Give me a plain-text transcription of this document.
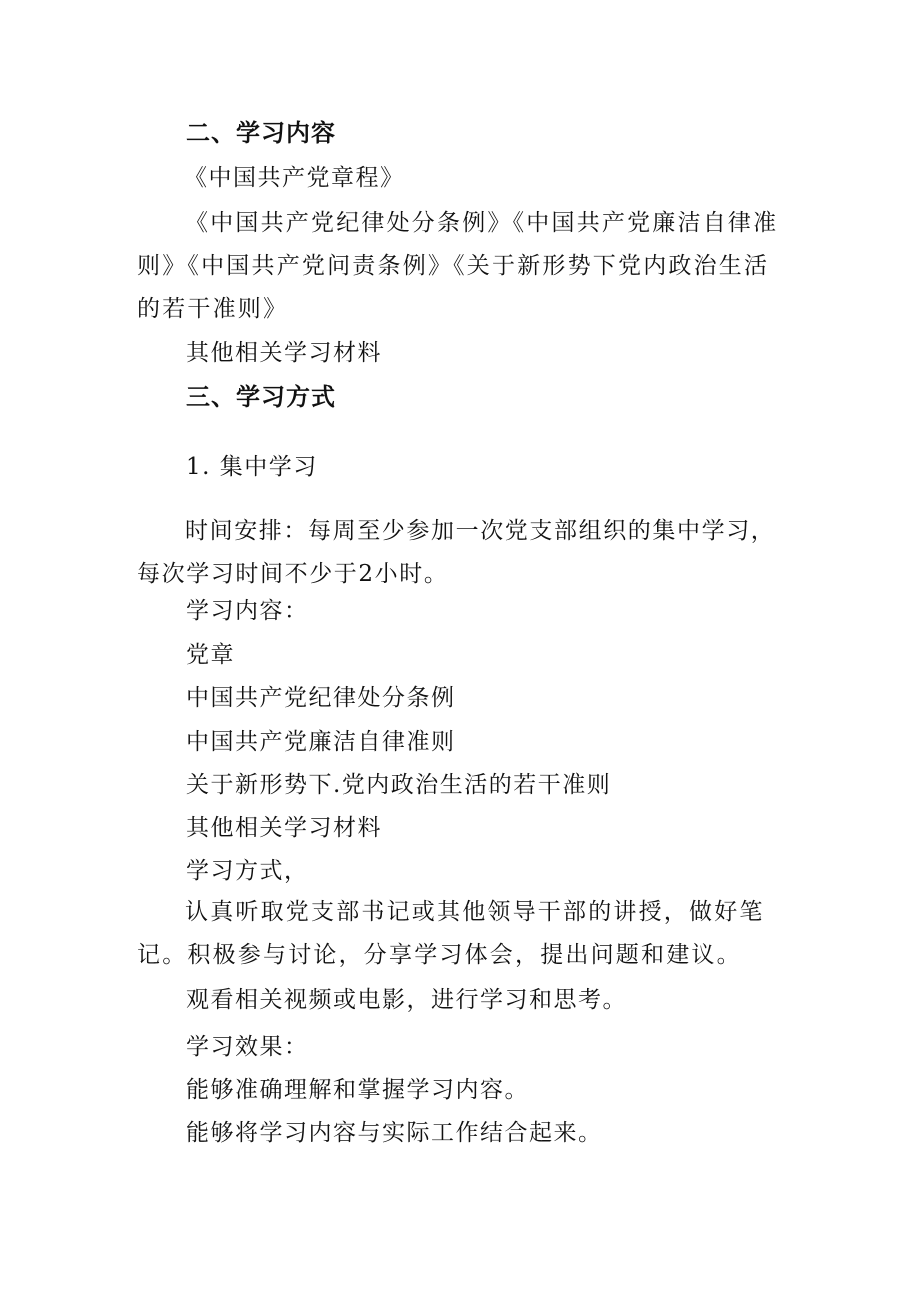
二、学习内容
《中国共产党章程》
《中国共产党纪律处分条例》《中国共产党廉洁自律准则》《中国共产党问责条例》《关于新形势下党内政治生活的若干准则》
其他相关学习材料
三、学习方式
1. 集中学习
时间安排：每周至少参加一次党支部组织的集中学习，每次学习时间不少于2小时。
学习内容：
党章
中国共产党纪律处分条例
中国共产党廉洁自律准则
关于新形势下.党内政治生活的若干准则
其他相关学习材料
学习方式，
认真听取党支部书记或其他领导干部的讲授，做好笔记。积极参与讨论，分享学习体会，提出问题和建议。
观看相关视频或电影，进行学习和思考。
学习效果：
能够准确理解和掌握学习内容。
能够将学习内容与实际工作结合起来。
